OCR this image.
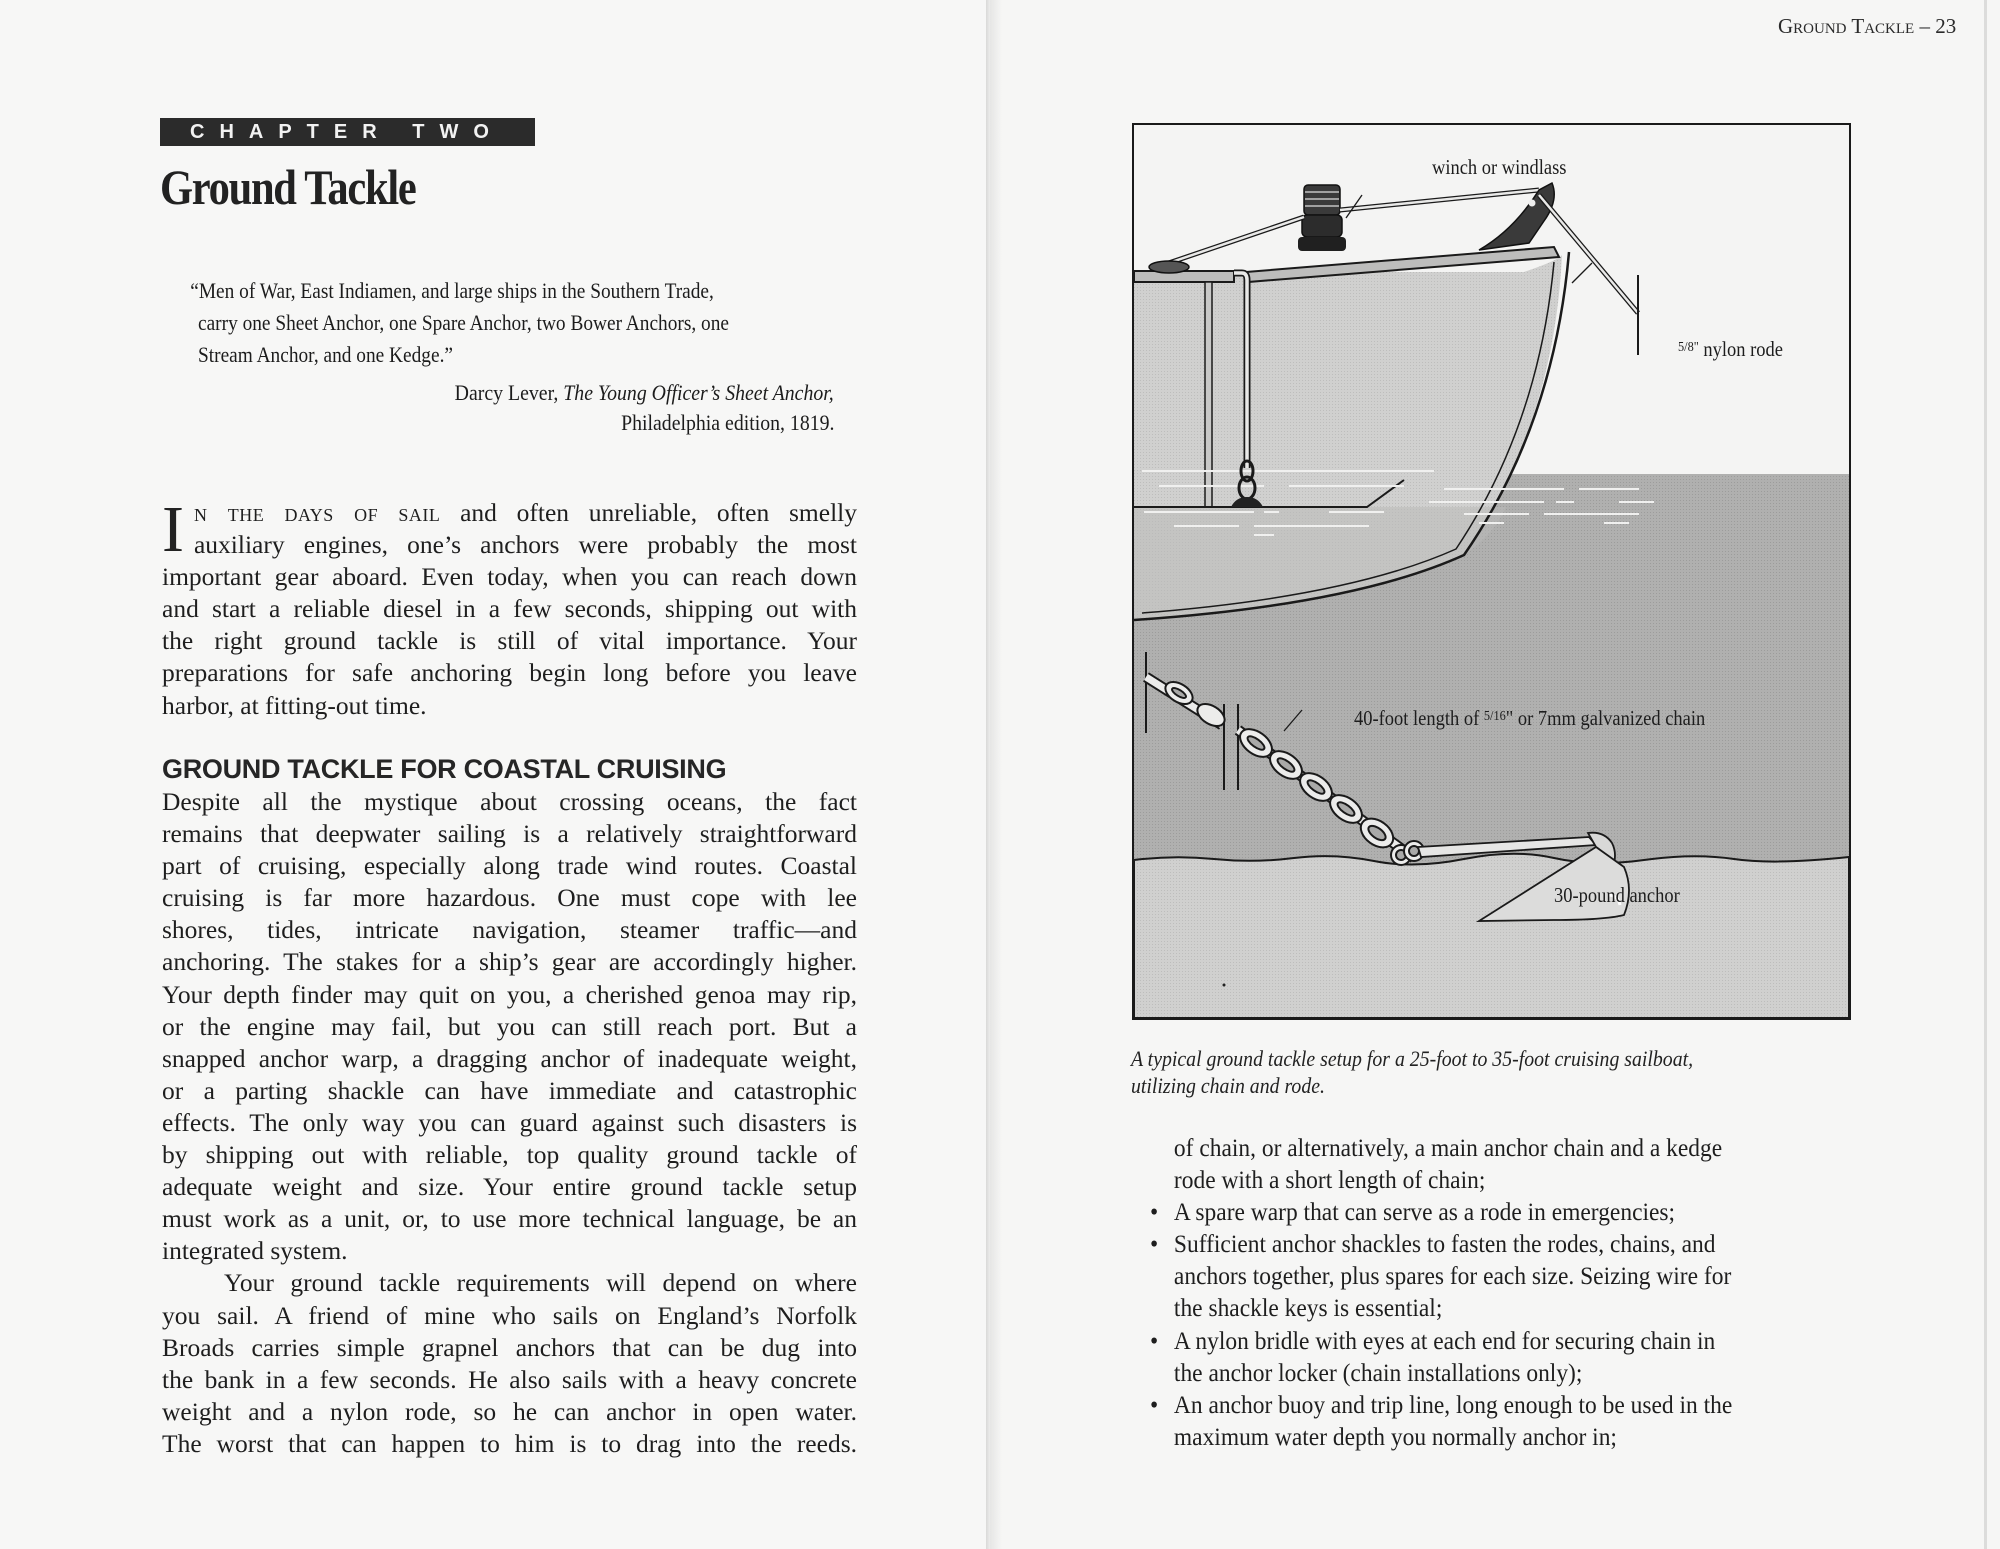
CHAPTER TWO
Ground Tackle
“Men of War, East Indiamen, and large ships in the Southern Trade,
carry one Sheet Anchor, one Spare Anchor, two Bower Anchors, one
Stream Anchor, and one Kedge.”
Darcy Lever, The Young Officer’s Sheet Anchor,
Philadelphia edition, 1819.
I n the days of sail and often unreliable, often smelly
auxiliary engines, one’s anchors were probably the most
important gear aboard. Even today, when you can reach down
and start a reliable diesel in a few seconds, shipping out with
the right ground tackle is still of vital importance. Your
preparations for safe anchoring begin long before you leave
harbor, at fitting-out time.
GROUND TACKLE FOR COASTAL CRUISING
Despite all the mystique about crossing oceans, the fact
remains that deepwater sailing is a relatively straightforward
part of cruising, especially along trade wind routes. Coastal
cruising is far more hazardous. One must cope with lee
shores, tides, intricate navigation, steamer traffic—and
anchoring. The stakes for a ship’s gear are accordingly higher.
Your depth finder may quit on you, a cherished genoa may rip,
or the engine may fail, but you can still reach port. But a
snapped anchor warp, a dragging anchor of inadequate weight,
or a parting shackle can have immediate and catastrophic
effects. The only way you can guard against such disasters is
by shipping out with reliable, top quality ground tackle of
adequate weight and size. Your entire ground tackle setup
must work as a unit, or, to use more technical language, be an
integrated system.
Your ground tackle requirements will depend on where
you sail. A friend of mine who sails on England’s Norfolk
Broads carries simple grapnel anchors that can be dug into
the bank in a few seconds. He also sails with a heavy concrete
weight and a nylon rode, so he can anchor in open water.
The worst that can happen to him is to drag into the reeds.
Ground Tackle – 23
winch or windlass
$^{5/8"}$ nylon rode
40-foot length of $^{5/16}$" or 7mm galvanized chain
30-pound anchor
A typical ground tackle setup for a 25-foot to 35-foot cruising sailboat,
utilizing chain and rode.
of chain, or alternatively, a main anchor chain and a kedge
rode with a short length of chain;
• A spare warp that can serve as a rode in emergencies;
• Sufficient anchor shackles to fasten the rodes, chains, and
anchors together, plus spares for each size. Seizing wire for
the shackle keys is essential;
• A nylon bridle with eyes at each end for securing chain in
the anchor locker (chain installations only);
• An anchor buoy and trip line, long enough to be used in the
maximum water depth you normally anchor in;
